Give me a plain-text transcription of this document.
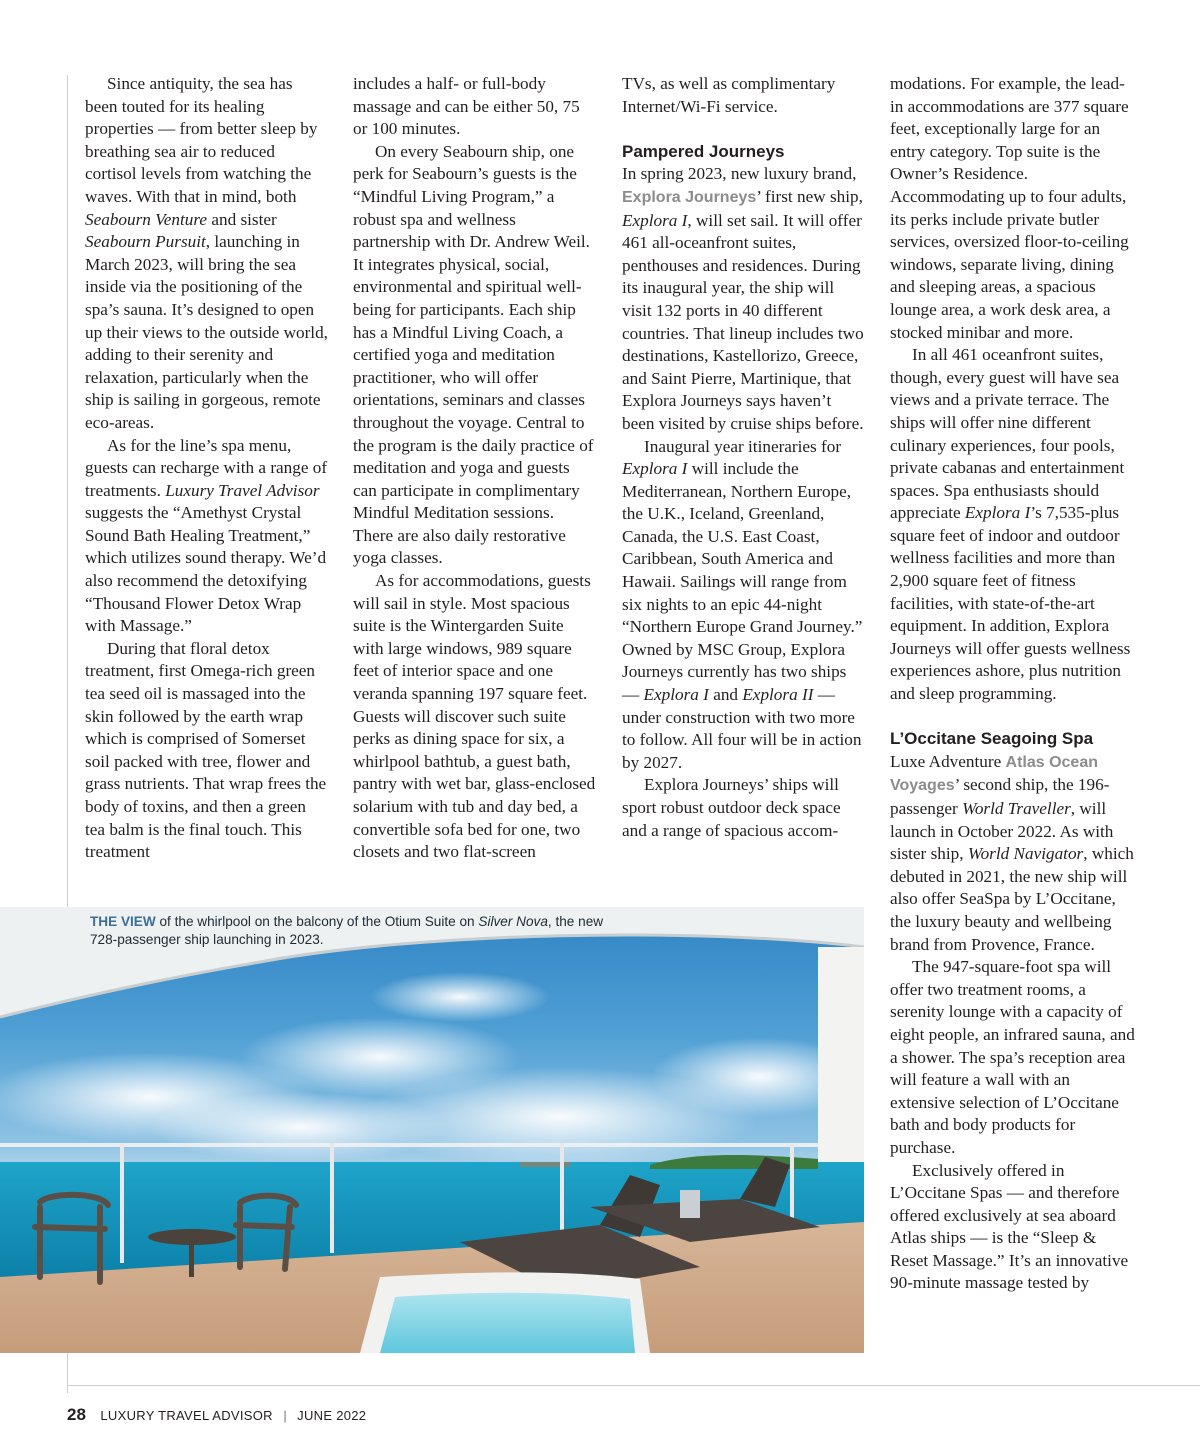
Since antiquity, the sea has been touted for its healing properties — from better sleep by breathing sea air to reduced cortisol levels from watching the waves. With that in mind, both Seabourn Venture and sister Seabourn Pursuit, launching in March 2023, will bring the sea inside via the positioning of the spa’s sauna. It’s designed to open up their views to the outside world, adding to their serenity and relaxation, particularly when the ship is sailing in gorgeous, remote eco-areas.

As for the line’s spa menu, guests can recharge with a range of treatments. Luxury Travel Advisor suggests the “Amethyst Crystal Sound Bath Healing Treatment,” which utilizes sound therapy. We’d also recommend the detoxifying “Thousand Flower Detox Wrap with Massage.”

During that floral detox treatment, first Omega-rich green tea seed oil is massaged into the skin followed by the earth wrap which is comprised of Somerset soil packed with tree, flower and grass nutrients. That wrap frees the body of toxins, and then a green tea balm is the final touch. This treatment

includes a half- or full-body massage and can be either 50, 75 or 100 minutes.

On every Seabourn ship, one perk for Seabourn’s guests is the “Mindful Living Program,” a robust spa and wellness partnership with Dr. Andrew Weil. It integrates physical, social, environmental and spiritual well-being for participants. Each ship has a Mindful Living Coach, a certified yoga and meditation practitioner, who will offer orientations, seminars and classes throughout the voyage. Central to the program is the daily practice of meditation and yoga and guests can participate in complimentary Mindful Meditation sessions. There are also daily restorative yoga classes.

As for accommodations, guests will sail in style. Most spacious suite is the Wintergarden Suite with large windows, 989 square feet of interior space and one veranda spanning 197 square feet. Guests will discover such suite perks as dining space for six, a whirlpool bathtub, a guest bath, pantry with wet bar, glass-enclosed solarium with tub and day bed, a convertible sofa bed for one, two closets and two flat-screen

TVs, as well as complimentary Internet/Wi-Fi service.

Pampered Journeys

In spring 2023, new luxury brand, Explora Journeys’ first new ship, Explora I, will set sail. It will offer 461 all-oceanfront suites, penthouses and residences. During its inaugural year, the ship will visit 132 ports in 40 different countries. That lineup includes two destinations, Kastellorizo, Greece, and Saint Pierre, Martinique, that Explora Journeys says haven’t been visited by cruise ships before.

Inaugural year itineraries for Explora I will include the Mediterranean, Northern Europe, the U.K., Iceland, Greenland, Canada, the U.S. East Coast, Caribbean, South America and Hawaii. Sailings will range from six nights to an epic 44-night “Northern Europe Grand Journey.” Owned by MSC Group, Explora Journeys currently has two ships — Explora I and Explora II — under construction with two more to follow. All four will be in action by 2027.

Explora Journeys’ ships will sport robust outdoor deck space and a range of spacious accom-

modations. For example, the lead-in accommodations are 377 square feet, exceptionally large for an entry category. Top suite is the Owner’s Residence. Accommodating up to four adults, its perks include private butler services, oversized floor-to-ceiling windows, separate living, dining and sleeping areas, a spacious lounge area, a work desk area, a stocked minibar and more.

In all 461 oceanfront suites, though, every guest will have sea views and a private terrace. The ships will offer nine different culinary experiences, four pools, private cabanas and entertainment spaces. Spa enthusiasts should appreciate Explora I’s 7,535-plus square feet of indoor and outdoor wellness facilities and more than 2,900 square feet of fitness facilities, with state-of-the-art equipment. In addition, Explora Journeys will offer guests wellness experiences ashore, plus nutrition and sleep programming.

L’Occitane Seagoing Spa

Luxe Adventure Atlas Ocean Voyages’ second ship, the 196-passenger World Traveller, will launch in October 2022. As with sister ship, World Navigator, which debuted in 2021, the new ship will also offer SeaSpa by L’Occitane, the luxury beauty and wellbeing brand from Provence, France.

The 947-square-foot spa will offer two treatment rooms, a serenity lounge with a capacity of eight people, an infrared sauna, and a shower. The spa’s reception area will feature a wall with an extensive selection of L’Occitane bath and body products for purchase.

Exclusively offered in L’Occitane Spas — and therefore offered exclusively at sea aboard Atlas ships — is the “Sleep & Reset Massage.” It’s an innovative 90-minute massage tested by

THE VIEW of the whirlpool on the balcony of the Otium Suite on Silver Nova, the new 728-passenger ship launching in 2023.
28 LUXURY TRAVEL ADVISOR | JUNE 2022
